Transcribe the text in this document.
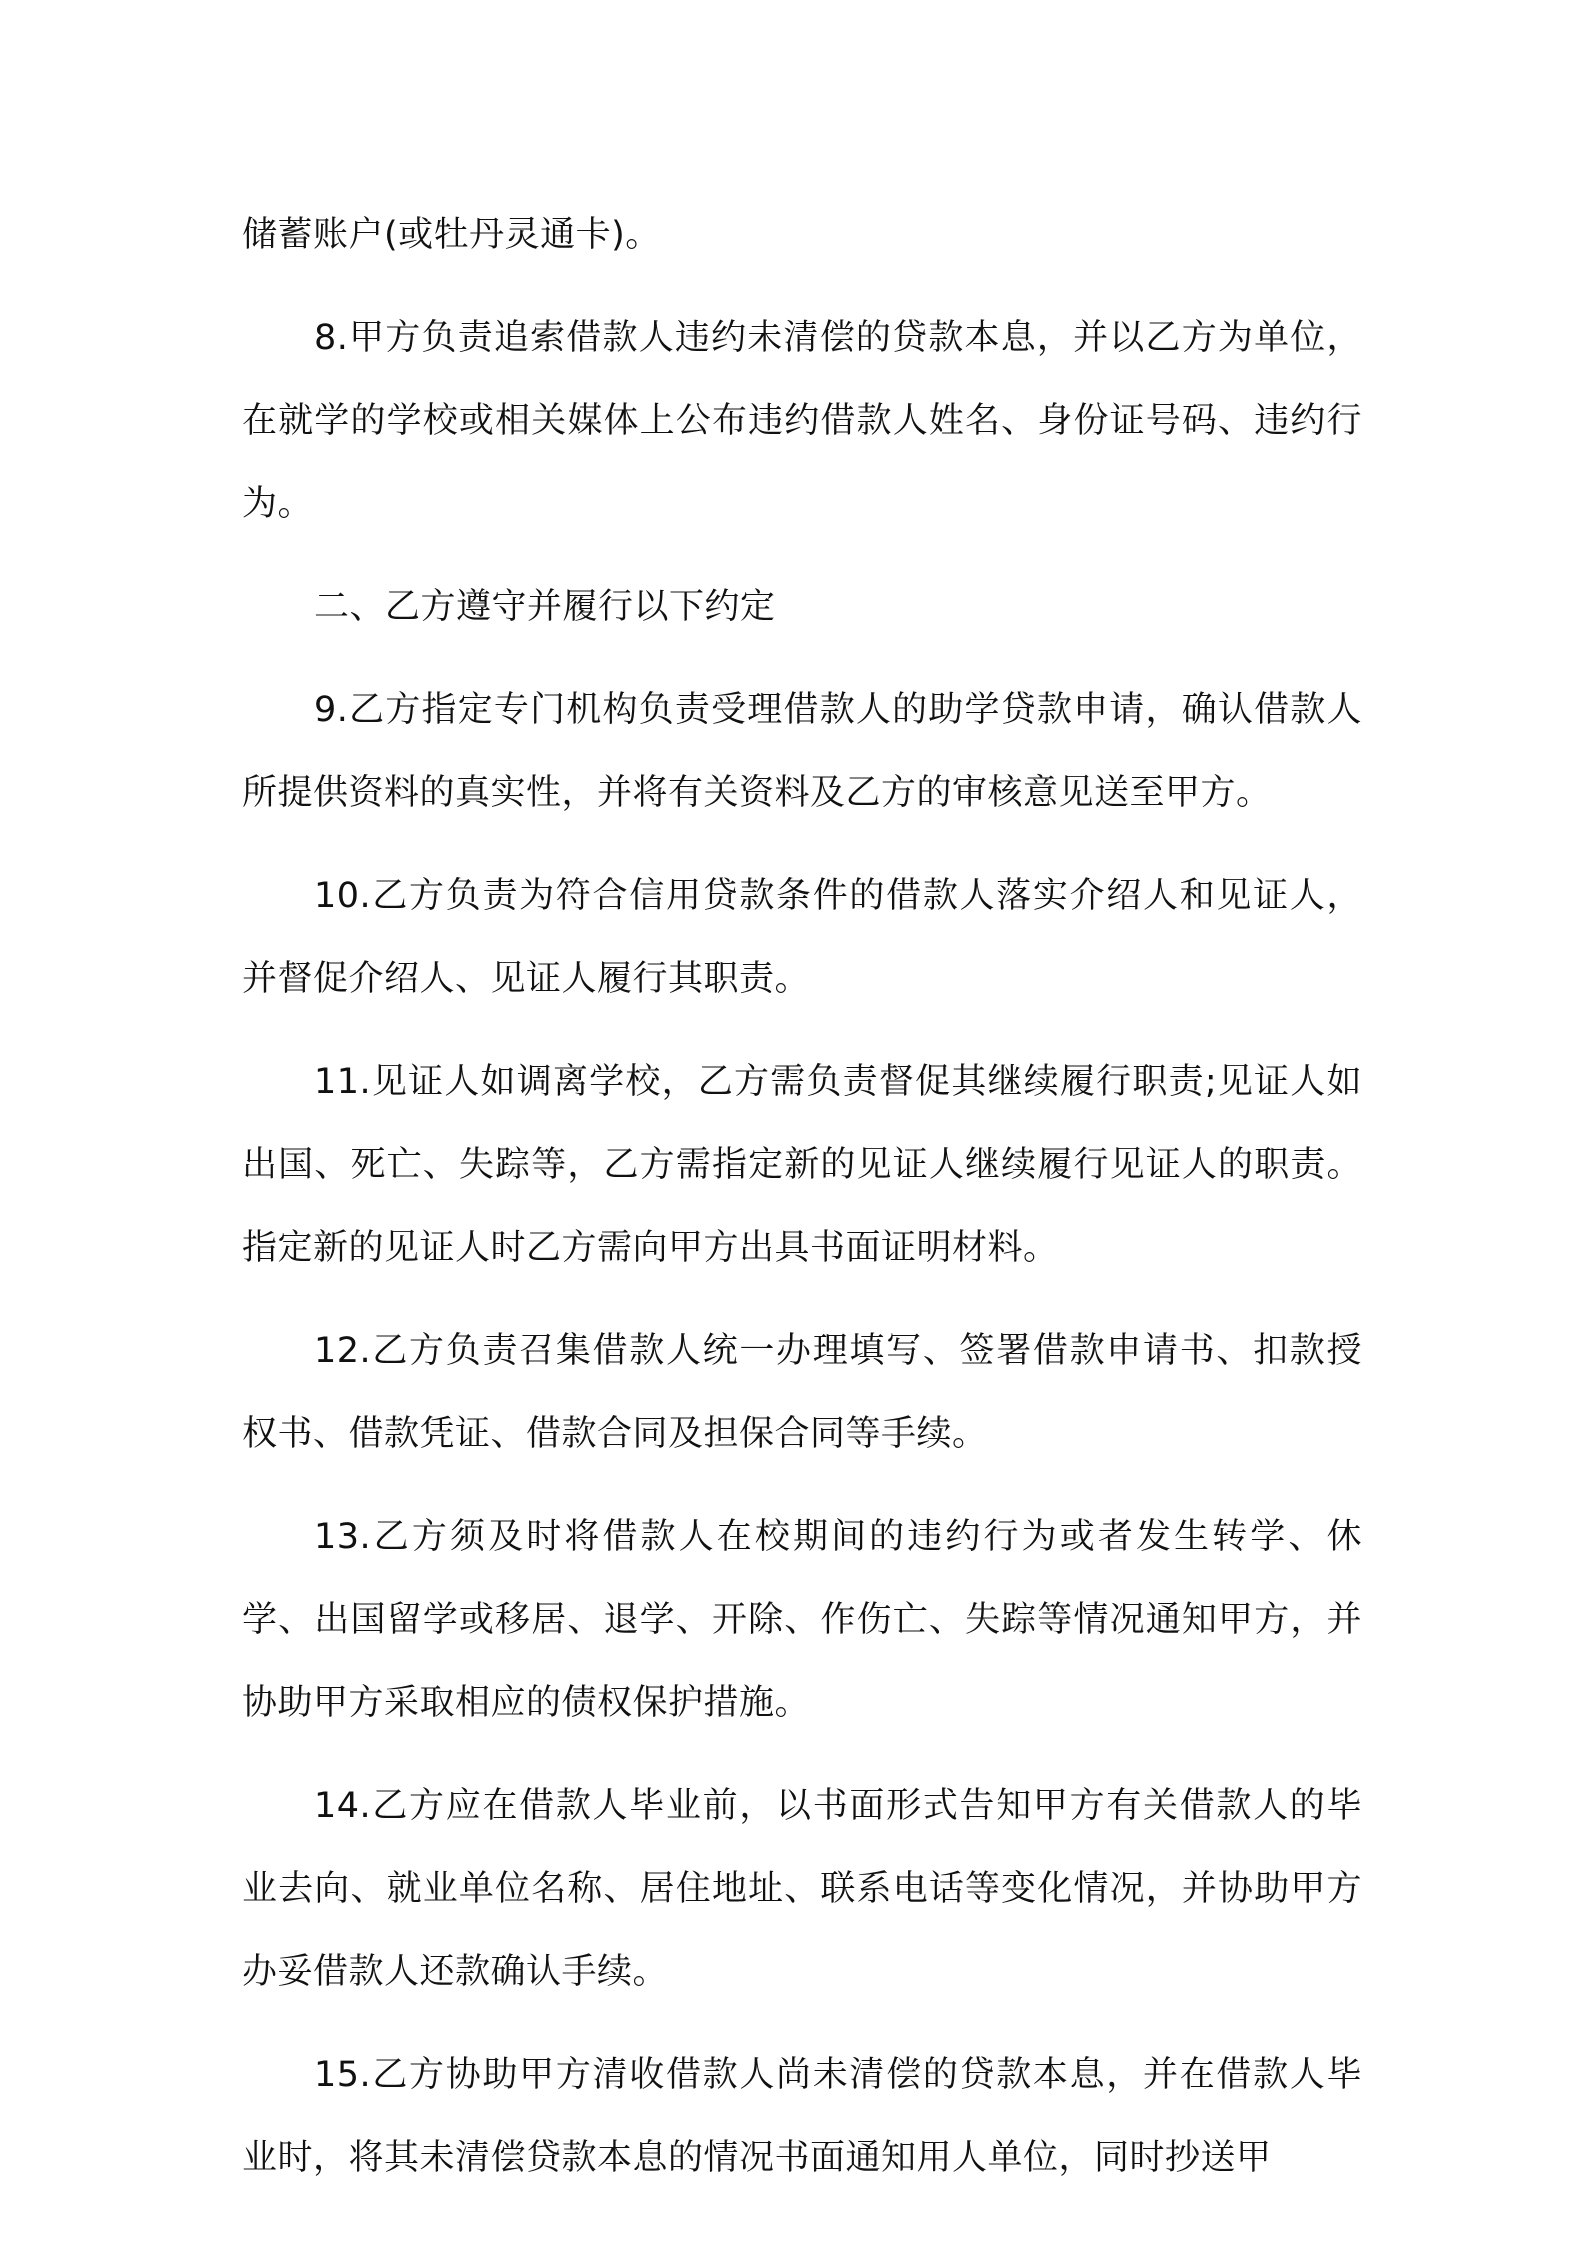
储蓄账户(或牡丹灵通卡)。

8.甲方负责追索借款人违约未清偿的贷款本息，并以乙方为单位，在就学的学校或相关媒体上公布违约借款人姓名、身份证号码、违约行为。

二、乙方遵守并履行以下约定

9.乙方指定专门机构负责受理借款人的助学贷款申请，确认借款人所提供资料的真实性，并将有关资料及乙方的审核意见送至甲方。

10.乙方负责为符合信用贷款条件的借款人落实介绍人和见证人，并督促介绍人、见证人履行其职责。

11.见证人如调离学校，乙方需负责督促其继续履行职责;见证人如出国、死亡、失踪等，乙方需指定新的见证人继续履行见证人的职责。指定新的见证人时乙方需向甲方出具书面证明材料。

12.乙方负责召集借款人统一办理填写、签署借款申请书、扣款授权书、借款凭证、借款合同及担保合同等手续。

13.乙方须及时将借款人在校期间的违约行为或者发生转学、休学、出国留学或移居、退学、开除、作伤亡、失踪等情况通知甲方，并协助甲方采取相应的债权保护措施。

14.乙方应在借款人毕业前，以书面形式告知甲方有关借款人的毕业去向、就业单位名称、居住地址、联系电话等变化情况，并协助甲方办妥借款人还款确认手续。

15.乙方协助甲方清收借款人尚未清偿的贷款本息，并在借款人毕业时，将其未清偿贷款本息的情况书面通知用人单位，同时抄送甲
